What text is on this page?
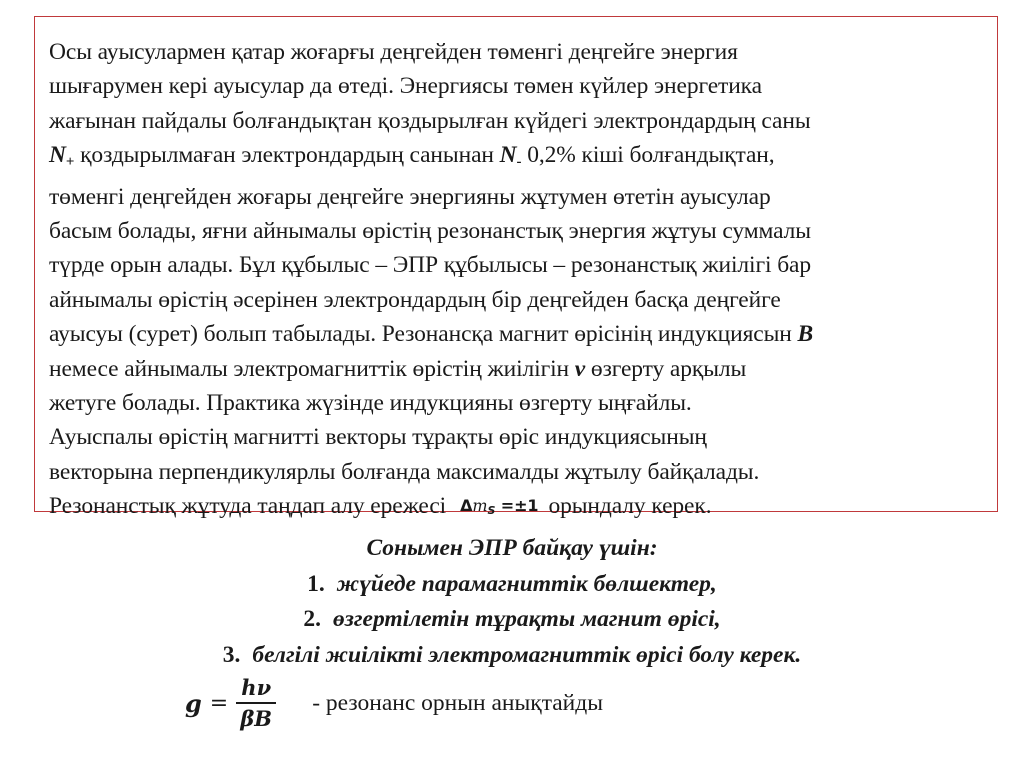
Осы ауысулармен қатар жоғарғы деңгейден төменгі деңгейге энергия
шығарумен кері ауысулар да өтеді. Энергиясы төмен күйлер энергетика
жағынан пайдалы болғандықтан қоздырылған күйдегі электрондардың саны
$N_+$ қоздырылмаған электрондардың санынан $N_-$ 0,2% кіші болғандықтан,
төменгі деңгейден жоғары деңгейге энергияны жұтумен өтетін ауысулар
басым болады, яғни айнымалы өрістің резонанстық энергия жұтуы суммалы
түрде орын алады. Бұл құбылыс – ЭПР құбылысы – резонанстық жиілігі бар
айнымалы өрістің әсерінен электрондардың бір деңгейден басқа деңгейге
ауысуы (сурет) болып табылады. Резонансқа магнит өрісінің индукциясын B
немесе айнымалы электромагниттік өрістің жиілігін ν өзгерту арқылы
жетуге болады. Практика жүзінде индукцияны өзгерту ыңғайлы.
Ауыспалы өрістің магнитті векторы тұрақты өріс индукциясының
векторына перпендикулярлы болғанда максималды жұтылу байқалады.
Резонанстық жұтуда таңдап алу ережесі ΔmS =±1 орындалу керек.

Сонымен ЭПР байқау үшін:
1. жүйеде парамагниттік бөлшектер,
2. өзгертілетін тұрақты магнит өрісі,
3. белгілі жиілікті электромагниттік өрісі болу керек.
$g = \frac{h\nu}{\beta B}$ - резонанс орнын анықтайды
